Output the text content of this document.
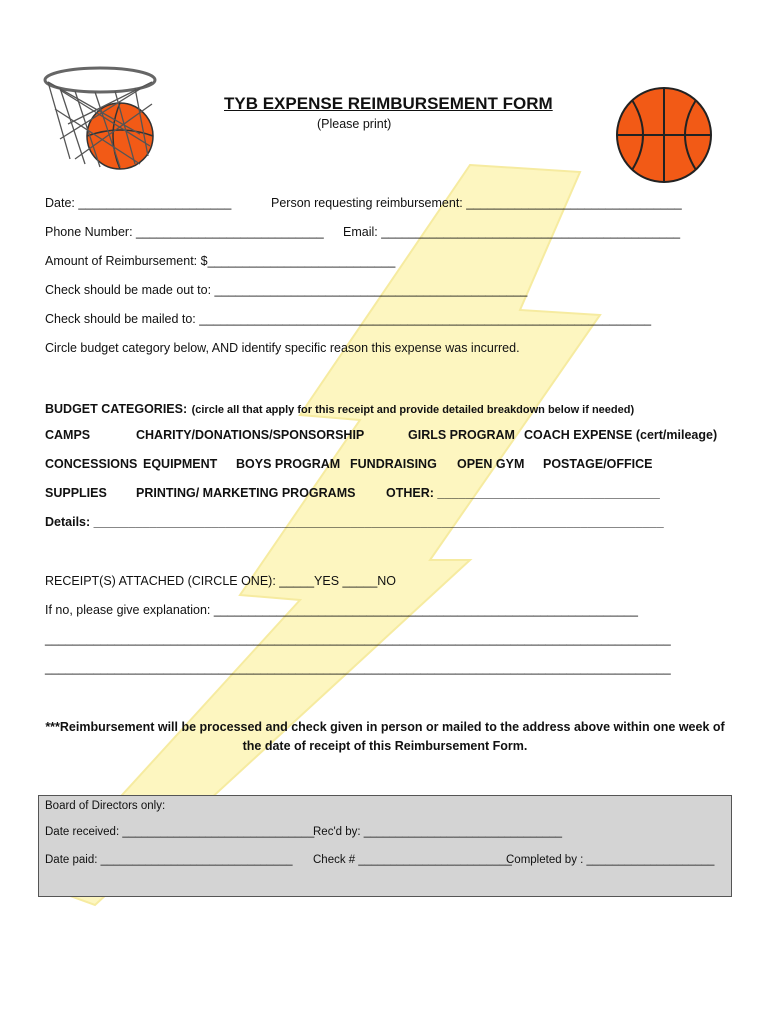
TYB EXPENSE REIMBURSEMENT FORM
(Please print)
Date: ______________________	Person requesting reimbursement: _______________________________
Phone Number: ___________________________ Email: ___________________________________________
Amount of Reimbursement: $___________________________
Check should be made out to: _____________________________________________
Check should be mailed to: _________________________________________________________________
Circle budget category below, AND identify specific reason this expense was incurred.
BUDGET CATEGORIES: (circle all that apply for this receipt and provide detailed breakdown below if needed)
CAMPS	CHARITY/DONATIONS/SPONSORSHIP	GIRLS PROGRAM COACH EXPENSE (cert/mileage)
CONCESSIONS EQUIPMENT BOYS PROGRAM FUNDRAISING OPEN GYM POSTAGE/OFFICE
SUPPLIES PRINTING/ MARKETING PROGRAMS OTHER: ________________________________
Details: __________________________________________________________________________________
RECEIPT(S) ATTACHED (CIRCLE ONE): _____YES _____NO
If no, please give explanation: _____________________________________________________________
__________________________________________________________________________________________
__________________________________________________________________________________________
***Reimbursement will be processed and check given in person or mailed to the address above within one week of
the date of receipt of this Reimbursement Form.
Board of Directors only:
Date received: ______________________________
Rec'd by: _______________________________
Date paid: ______________________________ Check # ________________________
Completed by : ____________________
